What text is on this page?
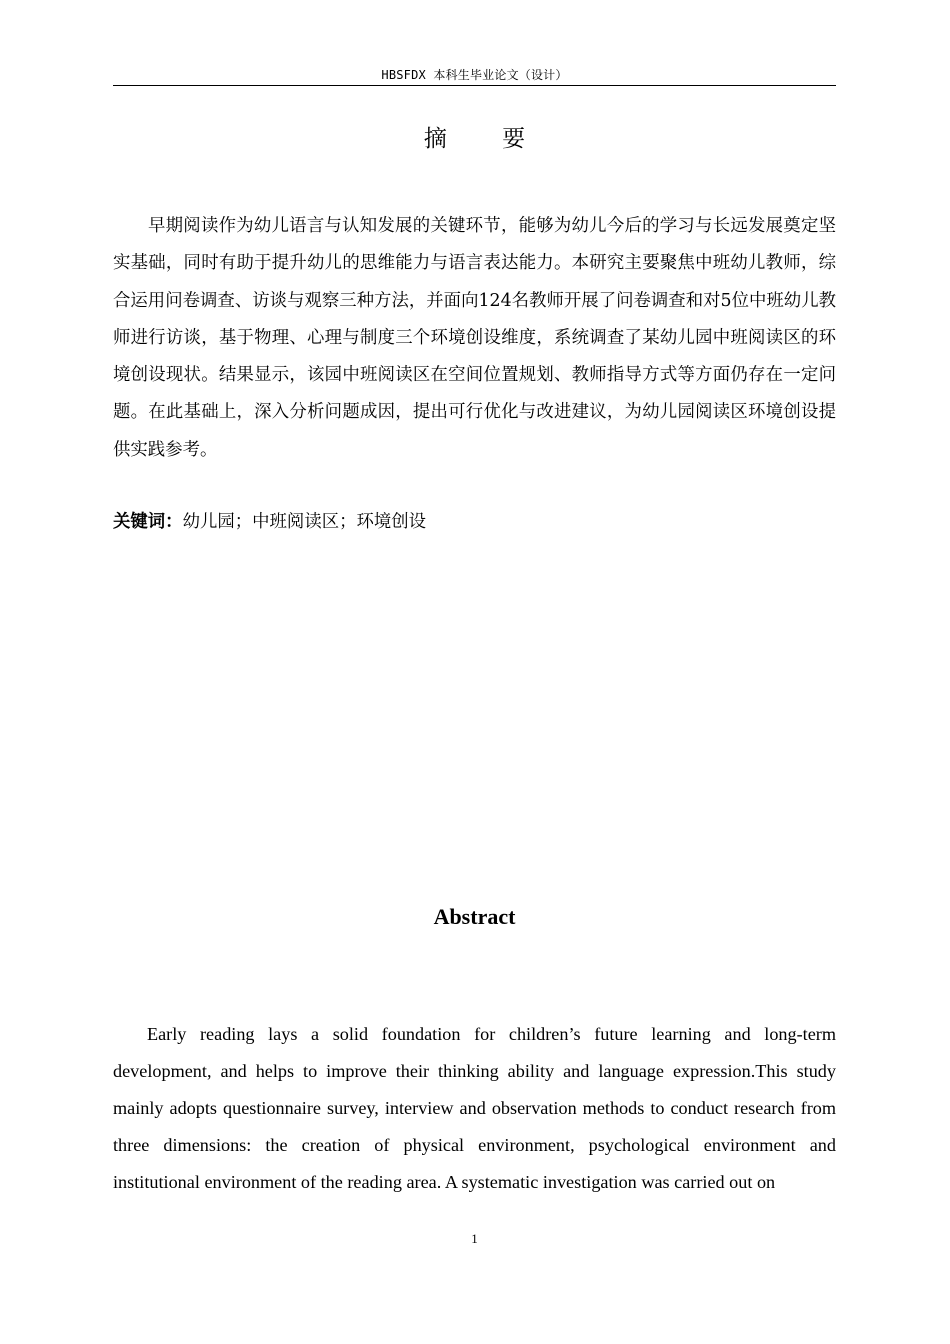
HBSFDX 本科生毕业论文（设计）
摘 要

早期阅读作为幼儿语言与认知发展的关键环节，能够为幼儿今后的学习与长远发展奠定坚实基础，同时有助于提升幼儿的思维能力与语言表达能力。本研究主要聚焦中班幼儿教师，综合运用问卷调查、访谈与观察三种方法，并面向124名教师开展了问卷调查和对5位中班幼儿教师进行访谈，基于物理、心理与制度三个环境创设维度，系统调查了某幼儿园中班阅读区的环境创设现状。结果显示，该园中班阅读区在空间位置规划、教师指导方式等方面仍存在一定问题。在此基础上，深入分析问题成因，提出可行优化与改进建议，为幼儿园阅读区环境创设提供实践参考。

关键词：幼儿园；中班阅读区；环境创设

Abstract

Early reading lays a solid foundation for children’s future learning and long-term development, and helps to improve their thinking ability and language expression.This study mainly adopts questionnaire survey, interview and observation methods to conduct research from three dimensions: the creation of physical environment, psychological environment and institutional environment of the reading area. A systematic investigation was carried out on

1
